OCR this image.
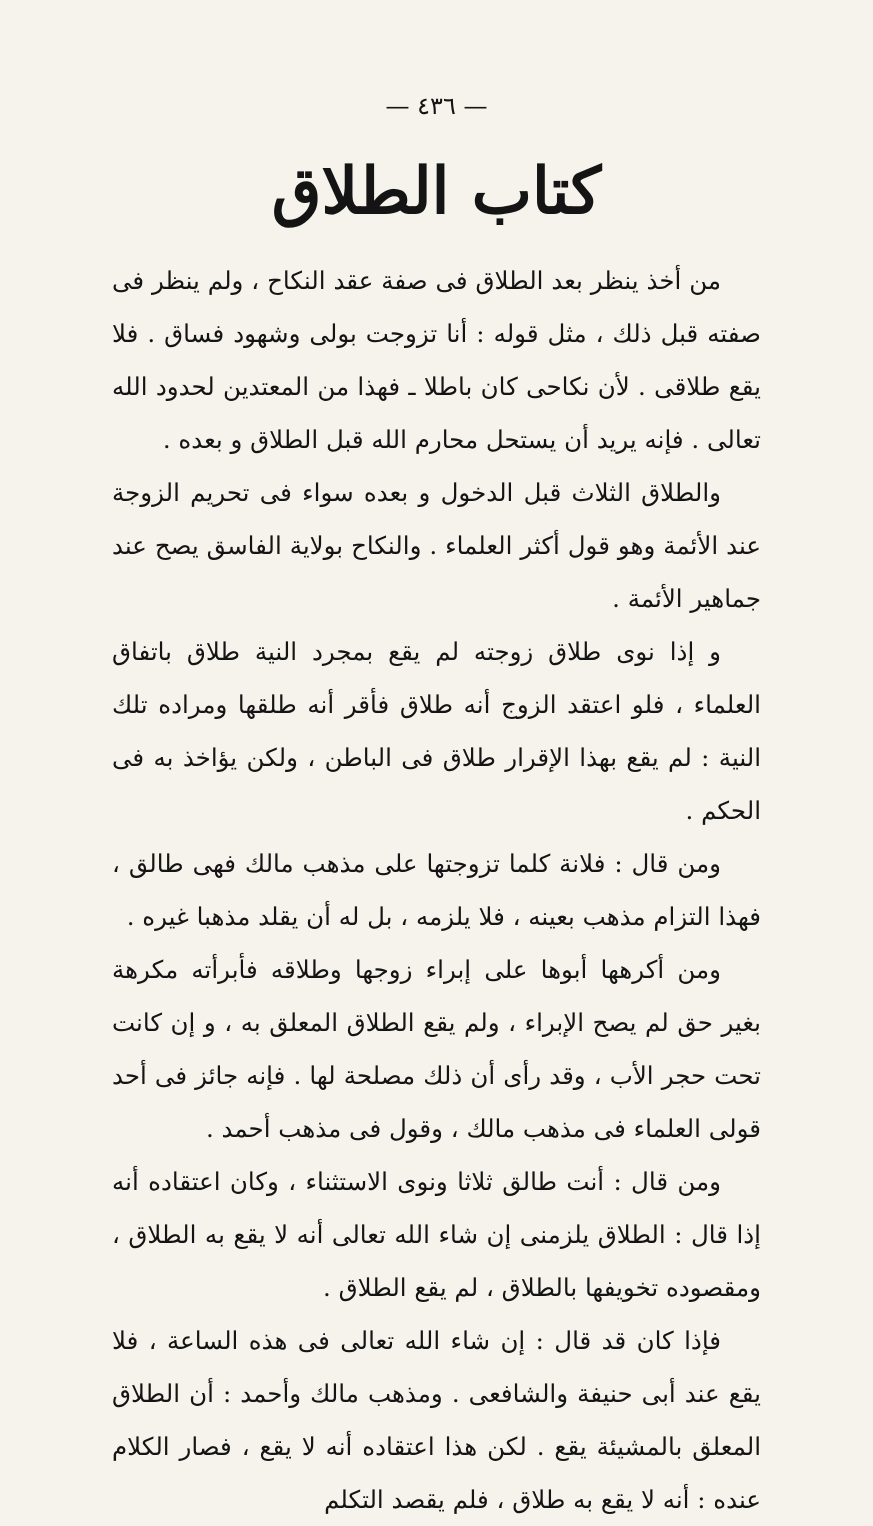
— ٤٣٦ —
كتاب الطلاق

من أخذ ينظر بعد الطلاق فى صفة عقد النكاح ، ولم ينظر فى صفته قبل ذلك ، مثل قوله : أنا تزوجت بولى وشهود فساق . فلا يقع طلاقى . لأن نكاحى كان باطلا ـ فهذا من المعتدين لحدود الله تعالى . فإنه يريد أن يستحل محارم الله قبل الطلاق و بعده .

والطلاق الثلاث قبل الدخول و بعده سواء فى تحريم الزوجة عند الأئمة وهو قول أكثر العلماء . والنكاح بولاية الفاسق يصح عند جماهير الأئمة .

و إذا نوى طلاق زوجته لم يقع بمجرد النية طلاق باتفاق العلماء ، فلو اعتقد الزوج أنه طلاق فأقر أنه طلقها ومراده تلك النية : لم يقع بهذا الإقرار طلاق فى الباطن ، ولكن يؤاخذ به فى الحكم .

ومن قال : فلانة كلما تزوجتها على مذهب مالك فهى طالق ، فهذا التزام مذهب بعينه ، فلا يلزمه ، بل له أن يقلد مذهبا غيره .

ومن أكرهها أبوها على إبراء زوجها وطلاقه فأبرأته مكرهة بغير حق لم يصح الإبراء ، ولم يقع الطلاق المعلق به ، و إن كانت تحت حجر الأب ، وقد رأى أن ذلك مصلحة لها . فإنه جائز فى أحد قولى العلماء فى مذهب مالك ، وقول فى مذهب أحمد .

ومن قال : أنت طالق ثلاثا ونوى الاستثناء ، وكان اعتقاده أنه إذا قال : الطلاق يلزمنى إن شاء الله تعالى أنه لا يقع به الطلاق ، ومقصوده تخويفها بالطلاق ، لم يقع الطلاق .

فإذا كان قد قال : إن شاء الله تعالى فى هذه الساعة ، فلا يقع عند أبى حنيفة والشافعى . ومذهب مالك وأحمد : أن الطلاق المعلق بالمشيئة يقع . لكن هذا اعتقاده أنه لا يقع ، فصار الكلام عنده : أنه لا يقع به طلاق ، فلم يقصد التكلم
